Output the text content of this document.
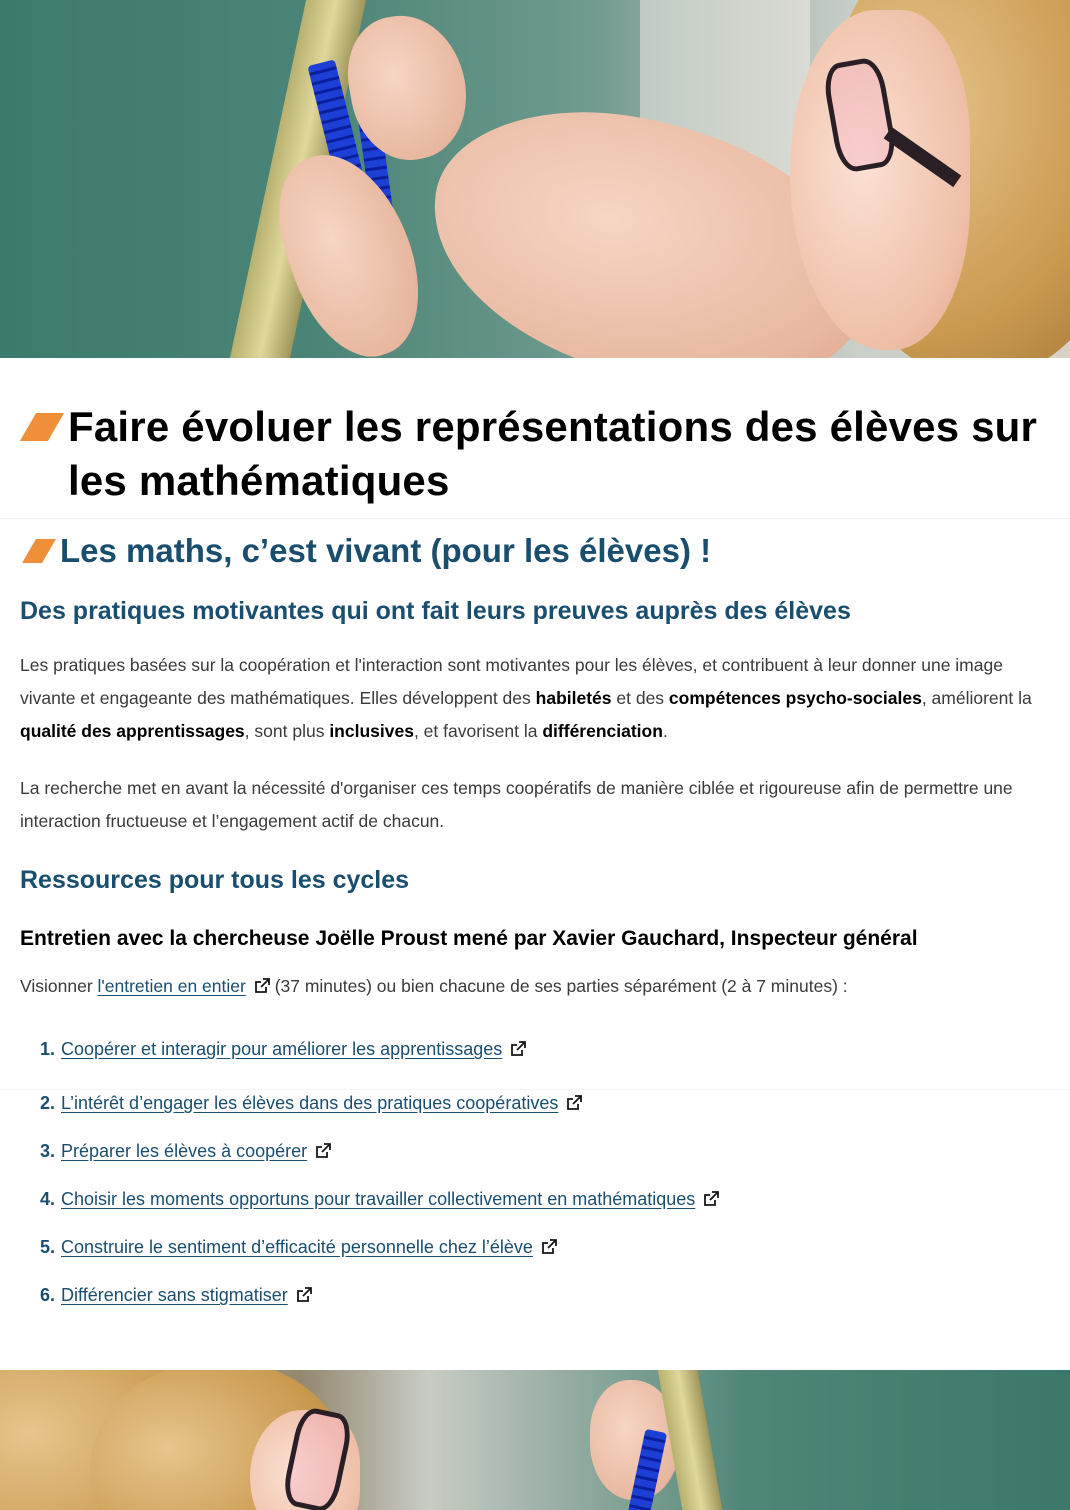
Faire évoluer les représentations des élèves sur les mathématiques
Les maths, c’est vivant (pour les élèves) !
Des pratiques motivantes qui ont fait leurs preuves auprès des élèves

Les pratiques basées sur la coopération et l'interaction sont motivantes pour les élèves, et contribuent à leur donner une image vivante et engageante des mathématiques. Elles développent des habiletés et des compétences psycho-sociales, améliorent la qualité des apprentissages, sont plus inclusives, et favorisent la différenciation.

La recherche met en avant la nécessité d'organiser ces temps coopératifs de manière ciblée et rigoureuse afin de permettre une interaction fructueuse et l’engagement actif de chacun.

Ressources pour tous les cycles
Entretien avec la chercheuse Joëlle Proust mené par Xavier Gauchard, Inspecteur général

Visionner l'entretien en entier (37 minutes) ou bien chacune de ses parties séparément (2 à 7 minutes) :

1. Coopérer et interagir pour améliorer les apprentissages
2. L’intérêt d’engager les élèves dans des pratiques coopératives
3. Préparer les élèves à coopérer
4. Choisir les moments opportuns pour travailler collectivement en mathématiques
5. Construire le sentiment d’efficacité personnelle chez l’élève
6. Différencier sans stigmatiser
